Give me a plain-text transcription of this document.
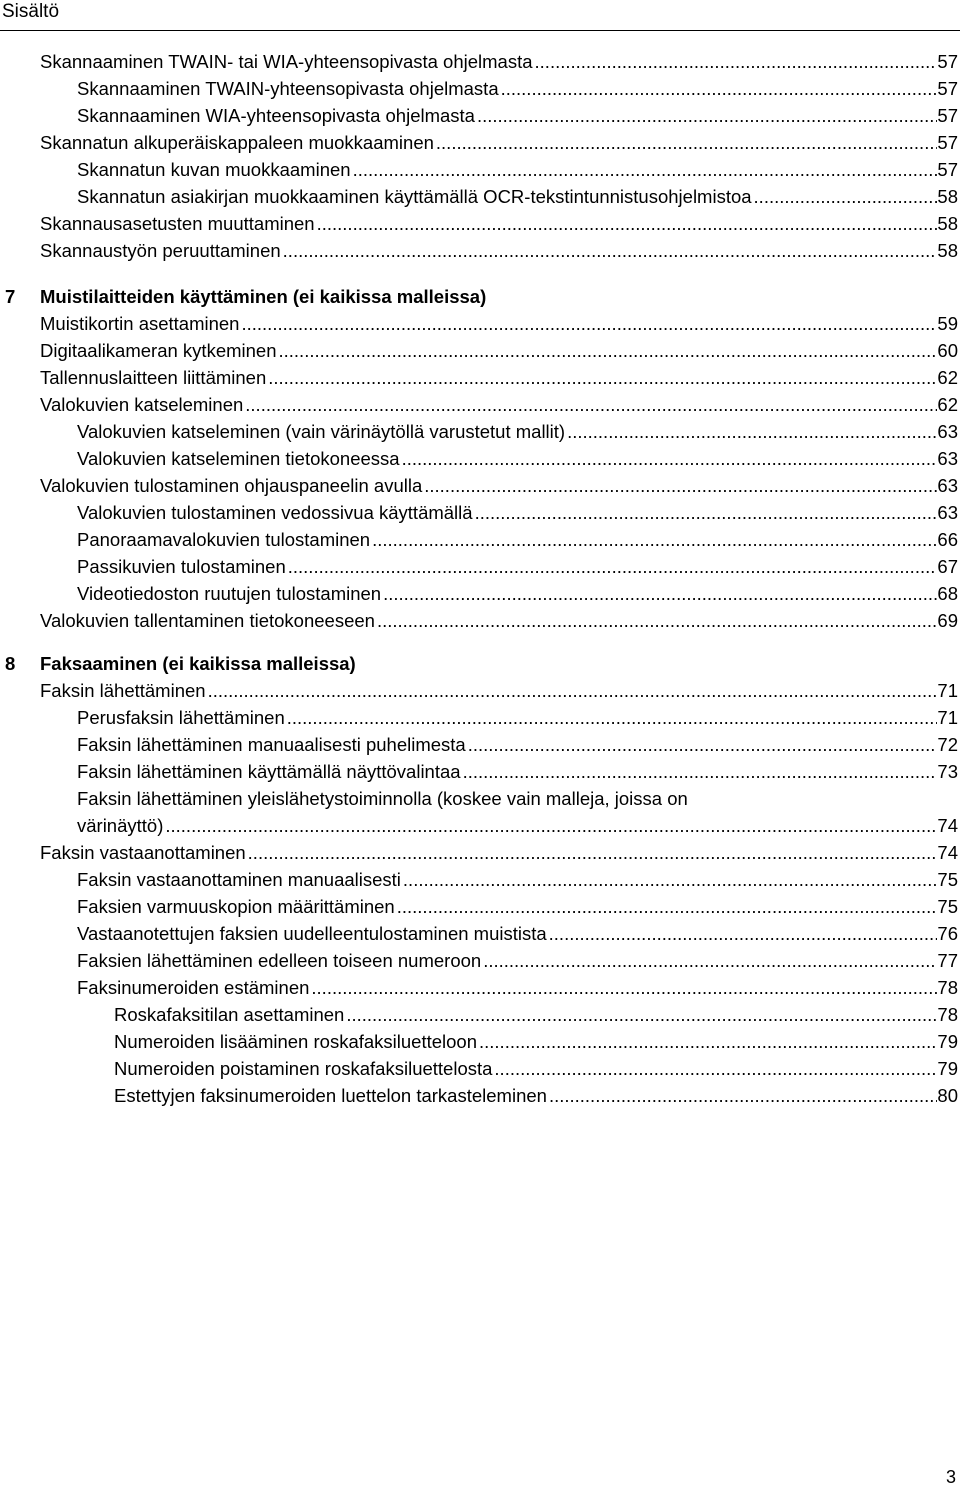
Sisältö
Skannaaminen TWAIN- tai WIA-yhteensopivasta ohjelmasta .....	57
Skannaaminen TWAIN-yhteensopivasta ohjelmasta .....	57
Skannaaminen WIA-yhteensopivasta ohjelmasta .....	57
Skannatun alkuperäiskappaleen muokkaaminen .....	57
Skannatun kuvan muokkaaminen .....	57
Skannatun asiakirjan muokkaaminen käyttämällä OCR-tekstintunnistusohjelmistoa .....	58
Skannausasetusten muuttaminen .....	58
Skannaustyön peruuttaminen .....	58
7 Muistilaitteiden käyttäminen (ei kaikissa malleissa)
Muistikortin asettaminen .....	59
Digitaalikameran kytkeminen .....	60
Tallennuslaitteen liittäminen .....	62
Valokuvien katseleminen .....	62
Valokuvien katseleminen (vain värinäytöllä varustetut mallit) .....	63
Valokuvien katseleminen tietokoneessa .....	63
Valokuvien tulostaminen ohjauspaneelin avulla .....	63
Valokuvien tulostaminen vedossivua käyttämällä .....	63
Panoraamavalokuvien tulostaminen .....	66
Passikuvien tulostaminen .....	67
Videotiedoston ruutujen tulostaminen .....	68
Valokuvien tallentaminen tietokoneeseen .....	69
8 Faksaaminen (ei kaikissa malleissa)
Faksin lähettäminen .....	71
Perusfaksin lähettäminen .....	71
Faksin lähettäminen manuaalisesti puhelimesta .....	72
Faksin lähettäminen käyttämällä näyttövalintaa .....	73
Faksin lähettäminen yleislähetystoiminnolla (koskee vain malleja, joissa on
värinäyttö) .....	74
Faksin vastaanottaminen .....	74
Faksin vastaanottaminen manuaalisesti .....	75
Faksien varmuuskopion määrittäminen .....	75
Vastaanotettujen faksien uudelleentulostaminen muistista .....	76
Faksien lähettäminen edelleen toiseen numeroon .....	77
Faksinumeroiden estäminen .....	78
Roskafaksitilan asettaminen .....	78
Numeroiden lisääminen roskafaksiluetteloon .....	79
Numeroiden poistaminen roskafaksiluettelosta .....	79
Estettyjen faksinumeroiden luettelon tarkasteleminen .....	80
3
